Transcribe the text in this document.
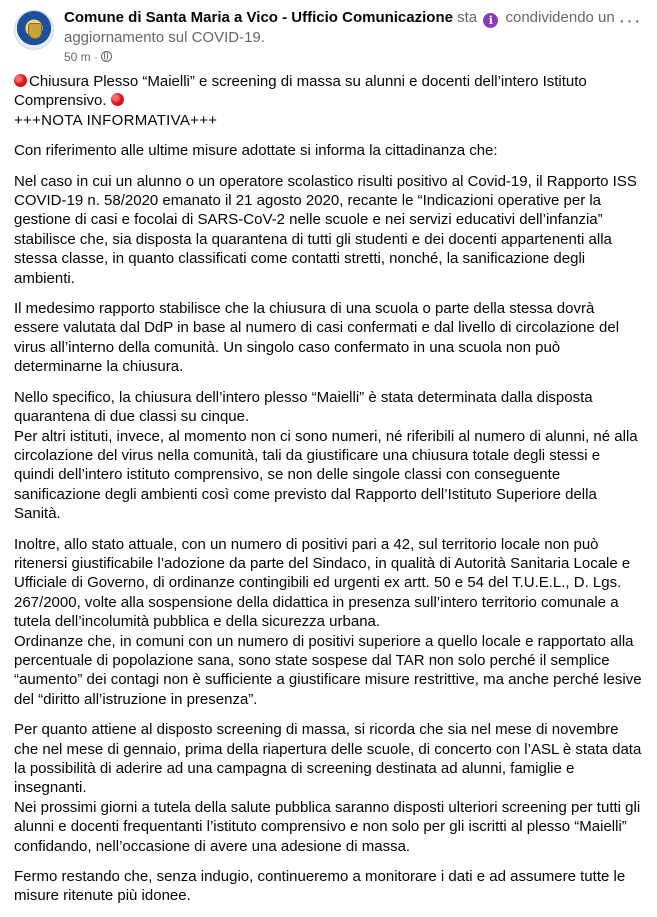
Comune di Santa Maria a Vico - Ufficio Comunicazione sta i condividendo un aggiornamento sul COVID-19.
50 m ·
···

Chiusura Plesso “Maielli” e screening di massa su alunni e docenti dell’intero Istituto Comprensivo.
+++NOTA INFORMATIVA+++

Con riferimento alle ultime misure adottate si informa la cittadinanza che:

Nel caso in cui un alunno o un operatore scolastico risulti positivo al Covid-19, il Rapporto ISS COVID-19 n. 58/2020 emanato il 21 agosto 2020, recante le “Indicazioni operative per la gestione di casi e focolai di SARS-CoV-2 nelle scuole e nei servizi educativi dell’infanzia” stabilisce che, sia disposta la quarantena di tutti gli studenti e dei docenti appartenenti alla stessa classe, in quanto classificati come contatti stretti, nonché, la sanificazione degli ambienti.

Il medesimo rapporto stabilisce che la chiusura di una scuola o parte della stessa dovrà essere valutata dal DdP in base al numero di casi confermati e dal livello di circolazione del virus all’interno della comunità. Un singolo caso confermato in una scuola non può determinarne la chiusura.

Nello specifico, la chiusura dell’intero plesso “Maielli” è stata determinata dalla disposta quarantena di due classi su cinque.
Per altri istituti, invece, al momento non ci sono numeri, né riferibili al numero di alunni, né alla circolazione del virus nella comunità, tali da giustificare una chiusura totale degli stessi e quindi dell’intero istituto comprensivo, se non delle singole classi con conseguente sanificazione degli ambienti così come previsto dal Rapporto dell’Istituto Superiore della Sanità.

Inoltre, allo stato attuale, con un numero di positivi pari a 42, sul territorio locale non può ritenersi giustificabile l’adozione da parte del Sindaco, in qualità di Autorità Sanitaria Locale e Ufficiale di Governo, di ordinanze contingibili ed urgenti ex artt. 50 e 54 del T.U.E.L., D. Lgs. 267/2000, volte alla sospensione della didattica in presenza sull’intero territorio comunale a tutela dell’incolumità pubblica e della sicurezza urbana.
Ordinanze che, in comuni con un numero di positivi superiore a quello locale e rapportato alla percentuale di popolazione sana, sono state sospese dal TAR non solo perché il semplice “aumento” dei contagi non è sufficiente a giustificare misure restrittive, ma anche perché lesive del “diritto all’istruzione in presenza”.

Per quanto attiene al disposto screening di massa, si ricorda che sia nel mese di novembre che nel mese di gennaio, prima della riapertura delle scuole, di concerto con l’ASL è stata data la possibilità di aderire ad una campagna di screening destinata ad alunni, famiglie e insegnanti.
Nei prossimi giorni a tutela della salute pubblica saranno disposti ulteriori screening per tutti gli alunni e docenti frequentanti l’istituto comprensivo e non solo per gli iscritti al plesso “Maielli” confidando, nell’occasione di avere una adesione di massa.

Fermo restando che, senza indugio, continueremo a monitorare i dati e ad assumere tutte le misure ritenute più idonee.
